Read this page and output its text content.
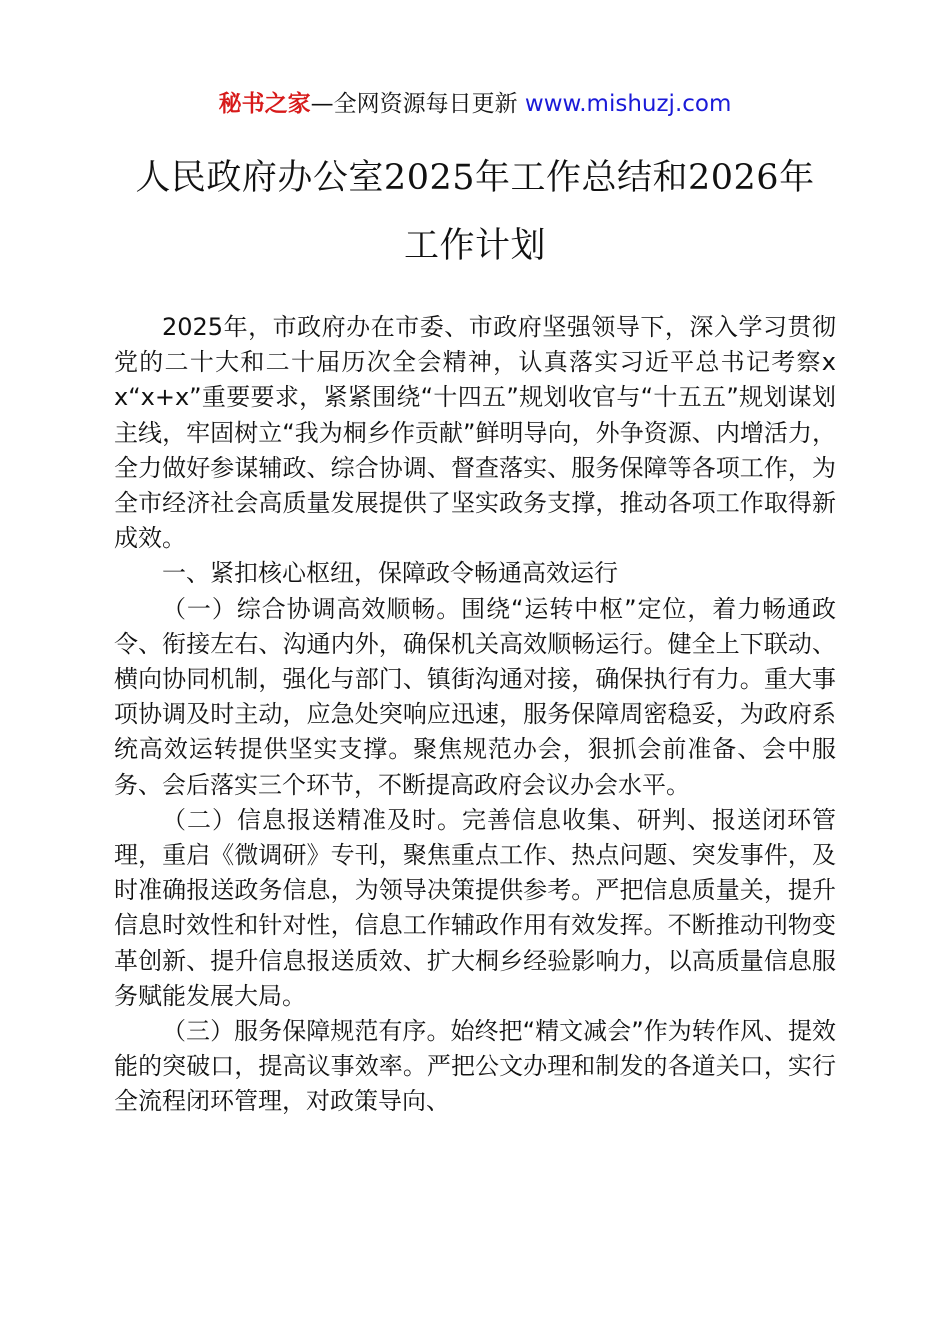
秘书之家—全网资源每日更新 www.mishuzj.com
人民政府办公室2025年工作总结和2026年
工作计划

2025年，市政府办在市委、市政府坚强领导下，深入学习贯彻党的二十大和二十届历次全会精神，认真落实习近平总书记考察xx“x+x”重要要求，紧紧围绕“十四五”规划收官与“十五五”规划谋划主线，牢固树立“我为桐乡作贡献”鲜明导向，外争资源、内增活力，全力做好参谋辅政、综合协调、督查落实、服务保障等各项工作，为全市经济社会高质量发展提供了坚实政务支撑，推动各项工作取得新成效。

一、紧扣核心枢纽，保障政令畅通高效运行

（一）综合协调高效顺畅。围绕“运转中枢”定位，着力畅通政令、衔接左右、沟通内外，确保机关高效顺畅运行。健全上下联动、横向协同机制，强化与部门、镇街沟通对接，确保执行有力。重大事项协调及时主动，应急处突响应迅速，服务保障周密稳妥，为政府系统高效运转提供坚实支撑。聚焦规范办会，狠抓会前准备、会中服务、会后落实三个环节，不断提高政府会议办会水平。

（二）信息报送精准及时。完善信息收集、研判、报送闭环管理，重启《微调研》专刊，聚焦重点工作、热点问题、突发事件，及时准确报送政务信息，为领导决策提供参考。严把信息质量关，提升信息时效性和针对性，信息工作辅政作用有效发挥。不断推动刊物变革创新、提升信息报送质效、扩大桐乡经验影响力，以高质量信息服务赋能发展大局。

（三）服务保障规范有序。始终把“精文减会”作为转作风、提效能的突破口，提高议事效率。严把公文办理和制发的各道关口，实行全流程闭环管理，对政策导向、
